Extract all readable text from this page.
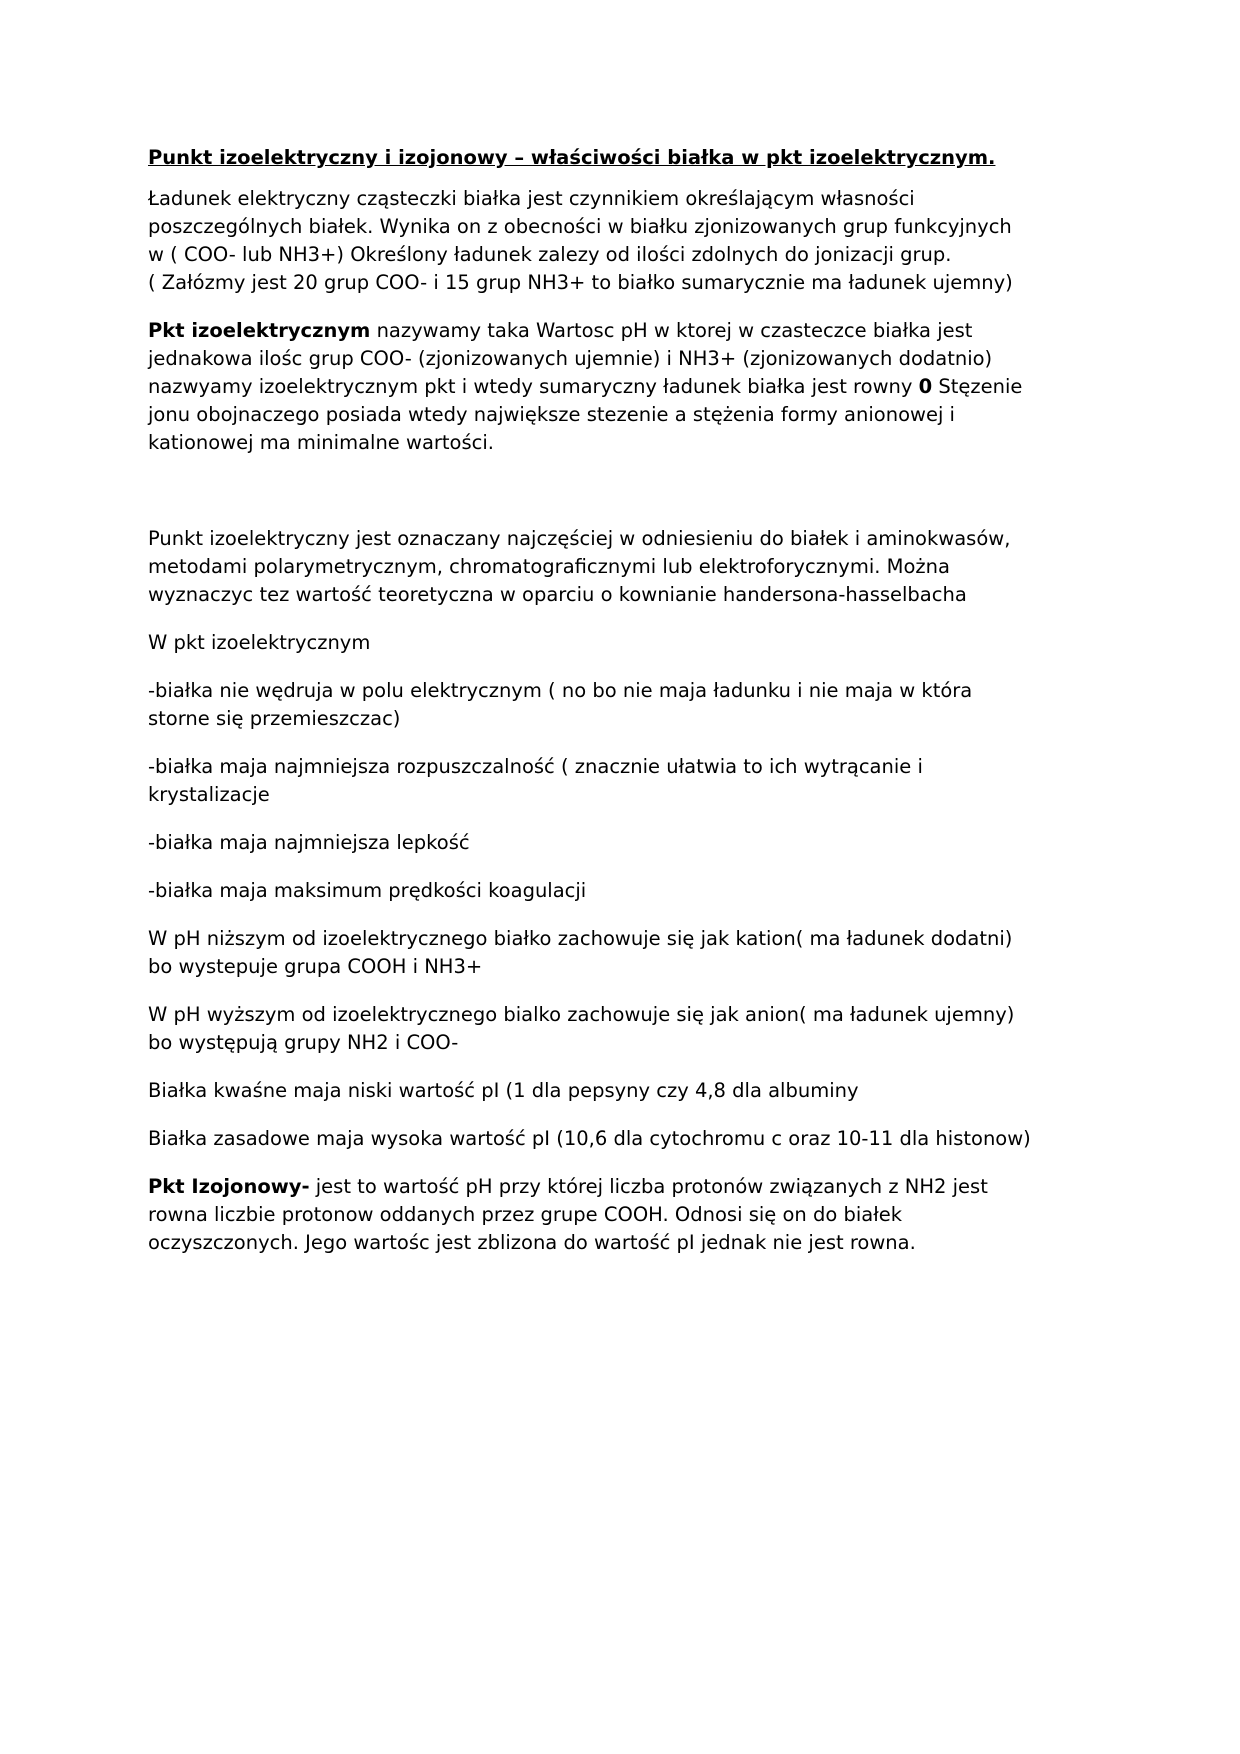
Punkt izoelektryczny i izojonowy – właściwości białka w pkt izoelektrycznym.

Ładunek elektryczny cząsteczki białka jest czynnikiem określającym własności
poszczególnych białek. Wynika on z obecności w białku zjonizowanych grup funkcyjnych
w ( COO- lub NH3+) Określony ładunek zalezy od ilości zdolnych do jonizacji grup.
( Załózmy jest 20 grup COO- i 15 grup NH3+ to białko sumarycznie ma ładunek ujemny)

Pkt izoelektrycznym nazywamy taka Wartosc pH w ktorej w czasteczce białka jest
jednakowa ilośc grup COO- (zjonizowanych ujemnie) i NH3+ (zjonizowanych dodatnio)
nazwyamy izoelektrycznym pkt i wtedy sumaryczny ładunek białka jest rowny 0 Stęzenie
jonu obojnaczego posiada wtedy największe stezenie a stężenia formy anionowej i
kationowej ma minimalne wartości.

Punkt izoelektryczny jest oznaczany najczęściej w odniesieniu do białek i aminokwasów,
metodami polarymetrycznym, chromatograficznymi lub elektroforycznymi. Można
wyznaczyc tez wartość teoretyczna w oparciu o kownianie handersona-hasselbacha

W pkt izoelektrycznym

-białka nie wędruja w polu elektrycznym ( no bo nie maja ładunku i nie maja w która
storne się przemieszczac)

-białka maja najmniejsza rozpuszczalność ( znacznie ułatwia to ich wytrącanie i
krystalizacje

-białka maja najmniejsza lepkość

-białka maja maksimum prędkości koagulacji

W pH niższym od izoelektrycznego białko zachowuje się jak kation( ma ładunek dodatni)
bo wystepuje grupa COOH i NH3+

W pH wyższym od izoelektrycznego bialko zachowuje się jak anion( ma ładunek ujemny)
bo występują grupy NH2 i COO-

Białka kwaśne maja niski wartość pI (1 dla pepsyny czy 4,8 dla albuminy

Białka zasadowe maja wysoka wartość pI (10,6 dla cytochromu c oraz 10-11 dla histonow)

Pkt Izojonowy- jest to wartość pH przy której liczba protonów związanych z NH2 jest
rowna liczbie protonow oddanych przez grupe COOH. Odnosi się on do białek
oczyszczonych. Jego wartośc jest zblizona do wartość pI jednak nie jest rowna.
